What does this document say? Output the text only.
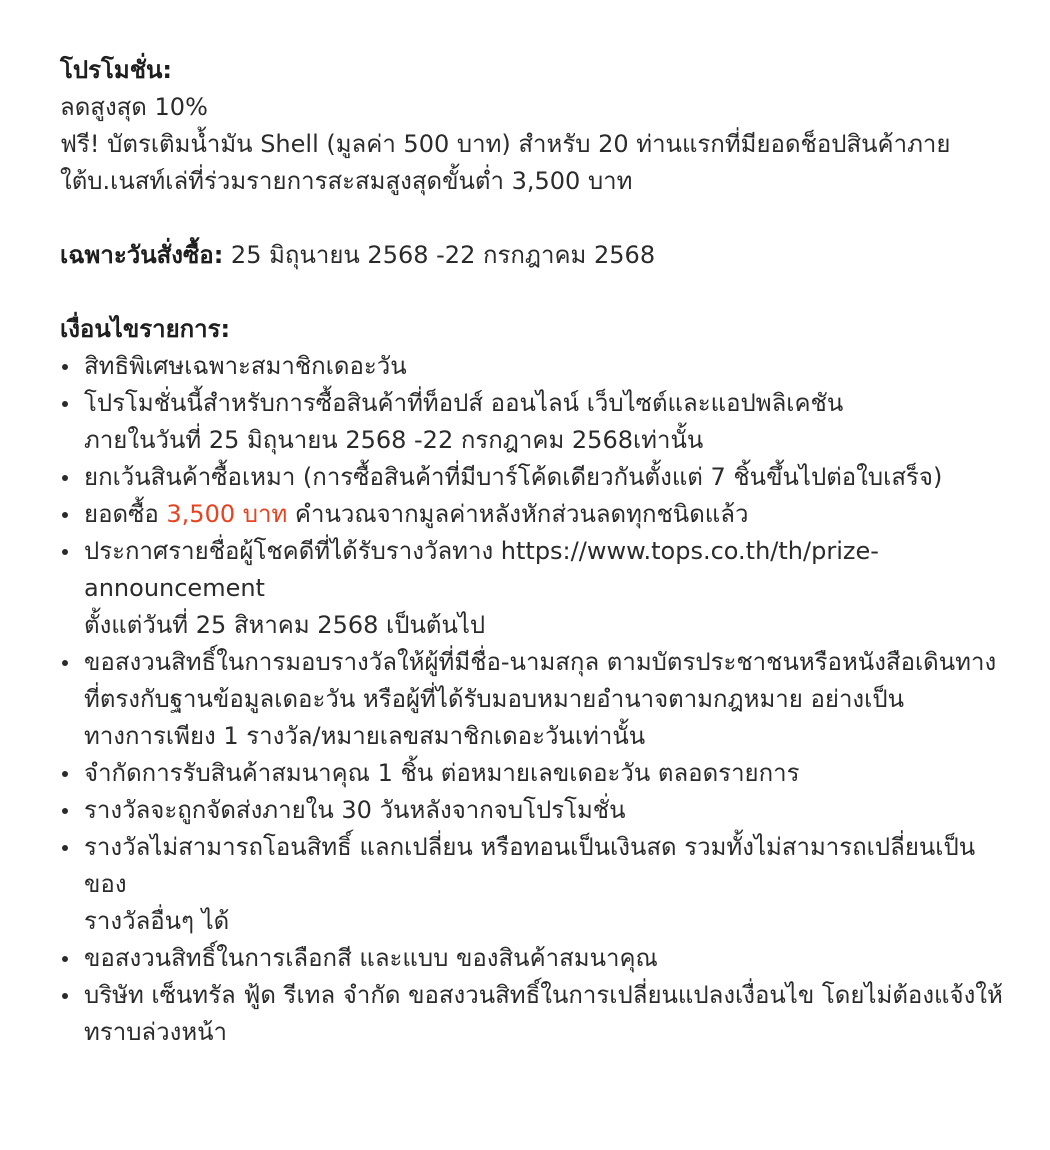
โปรโมชั่น:

ลดสูงสุด 10%

ฟรี! บัตรเติมน้ำมัน Shell (มูลค่า 500 บาท) สำหรับ 20 ท่านแรกที่มียอดช็อปสินค้าภาย

ใต้บ.เนสท์เล่ที่ร่วมรายการสะสมสูงสุดขั้นต่ำ 3,500 บาท

เฉพาะวันสั่งซื้อ: 25 มิถุนายน 2568 -22 กรกฎาคม 2568

เงื่อนไขรายการ:

สิทธิพิเศษเฉพาะสมาชิกเดอะวัน
โปรโมชั่นนี้สำหรับการซื้อสินค้าที่ท็อปส์ ออนไลน์ เว็บไซต์และแอปพลิเคชัน
ภายในวันที่ 25 มิถุนายน 2568 -22 กรกฎาคม 2568เท่านั้น
ยกเว้นสินค้าซื้อเหมา (การซื้อสินค้าที่มีบาร์โค้ดเดียวกันตั้งแต่ 7 ชิ้นขึ้นไปต่อใบเสร็จ)
ยอดซื้อ 3,500 บาท คำนวณจากมูลค่าหลังหักส่วนลดทุกชนิดแล้ว
ประกาศรายชื่อผู้โชคดีที่ได้รับรางวัลทาง https://www.tops.co.th/th/prize-announcement
ตั้งแต่วันที่ 25 สิหาคม 2568 เป็นต้นไป
ขอสงวนสิทธิ์ในการมอบรางวัลให้ผู้ที่มีชื่อ-นามสกุล ตามบัตรประชาชนหรือหนังสือเดินทาง
ที่ตรงกับฐานข้อมูลเดอะวัน หรือผู้ที่ได้รับมอบหมายอำนาจตามกฎหมาย อย่างเป็น
ทางการเพียง 1 รางวัล/หมายเลขสมาชิกเดอะวันเท่านั้น
จำกัดการรับสินค้าสมนาคุณ 1 ชิ้น ต่อหมายเลขเดอะวัน ตลอดรายการ
รางวัลจะถูกจัดส่งภายใน 30 วันหลังจากจบโปรโมชั่น
รางวัลไม่สามารถโอนสิทธิ์ แลกเปลี่ยน หรือทอนเป็นเงินสด รวมทั้งไม่สามารถเปลี่ยนเป็นของ
รางวัลอื่นๆ ได้
ขอสงวนสิทธิ์ในการเลือกสี และแบบ ของสินค้าสมนาคุณ
บริษัท เซ็นทรัล ฟู้ด รีเทล จำกัด ขอสงวนสิทธิ์ในการเปลี่ยนแปลงเงื่อนไข โดยไม่ต้องแจ้งให้
ทราบล่วงหน้า
